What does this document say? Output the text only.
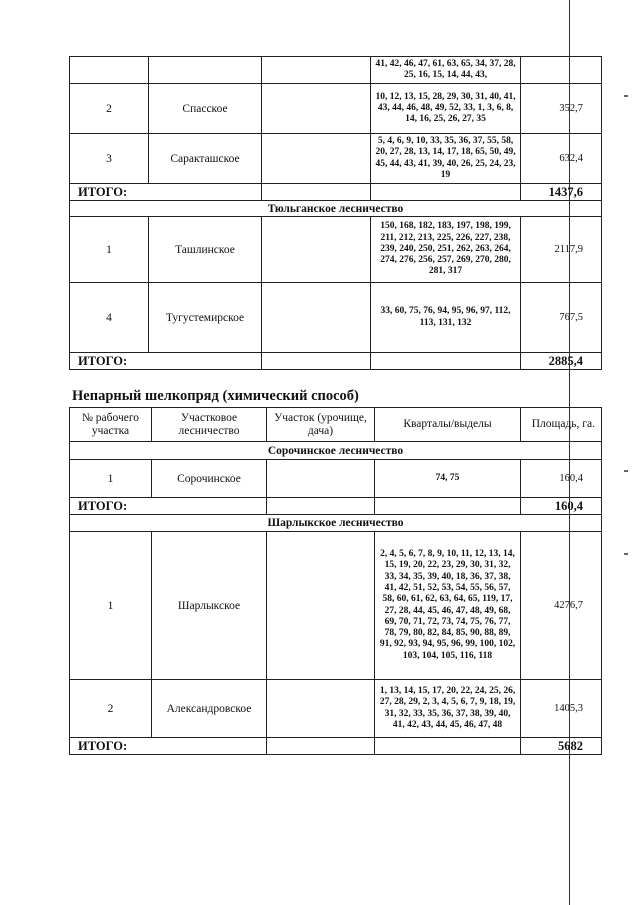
			41, 42, 46, 47, 61, 63, 65, 34, 37, 28, 25, 16, 15, 14, 44, 43,	
2	Спасское		10, 12, 13, 15, 28, 29, 30, 31, 40, 41, 43, 44, 46, 48, 49, 52, 33, 1, 3, 6, 8, 14, 16, 25, 26, 27, 35	352,7
3	Саракташское		5, 4, 6, 9, 10, 33, 35, 36, 37, 55, 58, 20, 27, 28, 13, 14, 17, 18, 65, 50, 49, 45, 44, 43, 41, 39, 40, 26, 25, 24, 23, 19	632,4
ИТОГО:				1437,6
Тюльганское лесничество				
1	Ташлинское		150, 168, 182, 183, 197, 198, 199, 211, 212, 213, 225, 226, 227, 238, 239, 240, 250, 251, 262, 263, 264, 274, 276, 256, 257, 269, 270, 280, 281, 317	2117,9
4	Тугустемирское		33, 60, 75, 76, 94, 95, 96, 97, 112, 113, 131, 132	767,5
ИТОГО:				2885,4
Непарный шелкопряд (химический способ)
№ рабочего участка	Участковое лесничество	Участок (урочище, дача)	Кварталы/выделы	Площадь, га.
Сорочинское лесничество				
1	Сорочинское		74, 75	160,4
ИТОГО:				160,4
Шарлыкское лесничество				
1	Шарлыкское		2, 4, 5, 6, 7, 8, 9, 10, 11, 12, 13, 14, 15, 19, 20, 22, 23, 29, 30, 31, 32, 33, 34, 35, 39, 40, 18, 36, 37, 38, 41, 42, 51, 52, 53, 54, 55, 56, 57, 58, 60, 61, 62, 63, 64, 65, 119, 17, 27, 28, 44, 45, 46, 47, 48, 49, 68, 69, 70, 71, 72, 73, 74, 75, 76, 77, 78, 79, 80, 82, 84, 85, 90, 88, 89, 91, 92, 93, 94, 95, 96, 99, 100, 102, 103, 104, 105, 116, 118	4276,7
2	Александровское		1, 13, 14, 15, 17, 20, 22, 24, 25, 26, 27, 28, 29, 2, 3, 4, 5, 6, 7, 9, 18, 19, 31, 32, 33, 35, 36, 37, 38, 39, 40, 41, 42, 43, 44, 45, 46, 47, 48	1405,3
ИТОГО:				5682
